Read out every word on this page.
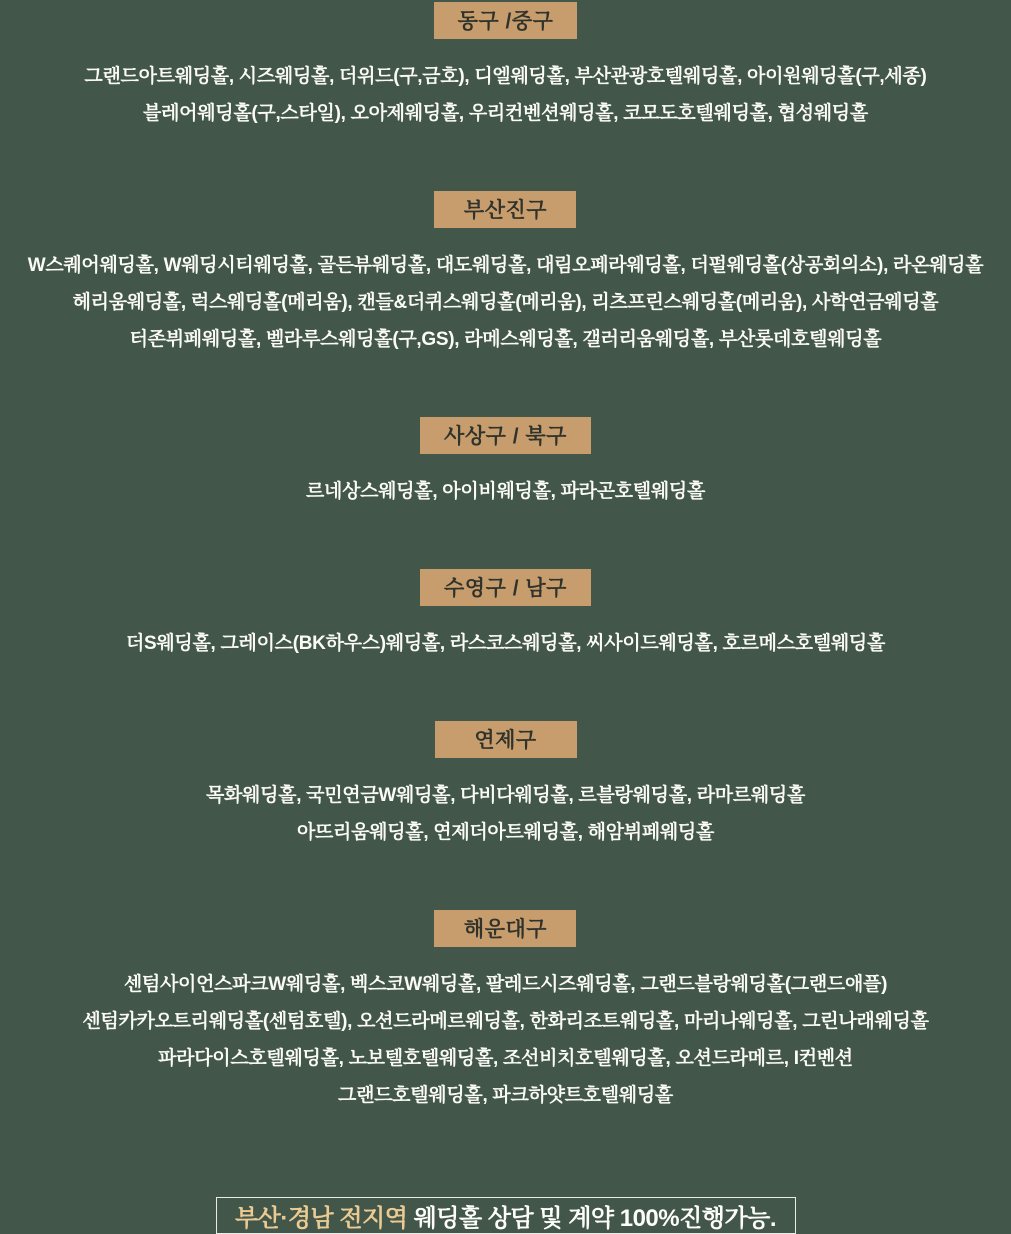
동구 /중구
그랜드아트웨딩홀, 시즈웨딩홀, 더위드(구,금호), 디엘웨딩홀, 부산관광호텔웨딩홀, 아이원웨딩홀(구,세종)
블레어웨딩홀(구,스타일), 오아제웨딩홀, 우리컨벤션웨딩홀, 코모도호텔웨딩홀, 협성웨딩홀
부산진구
W스퀘어웨딩홀, W웨딩시티웨딩홀, 골든뷰웨딩홀, 대도웨딩홀, 대림오페라웨딩홀, 더펄웨딩홀(상공회의소), 라온웨딩홀
헤리움웨딩홀, 럭스웨딩홀(메리움), 캔들&더퀴스웨딩홀(메리움), 리츠프린스웨딩홀(메리움), 사학연금웨딩홀
터존뷔페웨딩홀, 벨라루스웨딩홀(구,GS), 라메스웨딩홀, 갤러리움웨딩홀, 부산롯데호텔웨딩홀
사상구 / 북구
르네상스웨딩홀, 아이비웨딩홀, 파라곤호텔웨딩홀
수영구 / 남구
더S웨딩홀, 그레이스(BK하우스)웨딩홀, 라스코스웨딩홀, 씨사이드웨딩홀, 호르메스호텔웨딩홀
연제구
목화웨딩홀, 국민연금W웨딩홀, 다비다웨딩홀, 르블랑웨딩홀, 라마르웨딩홀
아뜨리움웨딩홀, 연제더아트웨딩홀, 해암뷔페웨딩홀
해운대구
센텀사이언스파크W웨딩홀, 벡스코W웨딩홀, 팔레드시즈웨딩홀, 그랜드블랑웨딩홀(그랜드애플)
센텀카카오트리웨딩홀(센텀호텔), 오션드라메르웨딩홀, 한화리조트웨딩홀, 마리나웨딩홀, 그린나래웨딩홀
파라다이스호텔웨딩홀, 노보텔호텔웨딩홀, 조선비치호텔웨딩홀, 오션드라메르, I컨벤션
그랜드호텔웨딩홀, 파크하얏트호텔웨딩홀
부산·경남 전지역 웨딩홀 상담 및 계약 100%진행가능.
